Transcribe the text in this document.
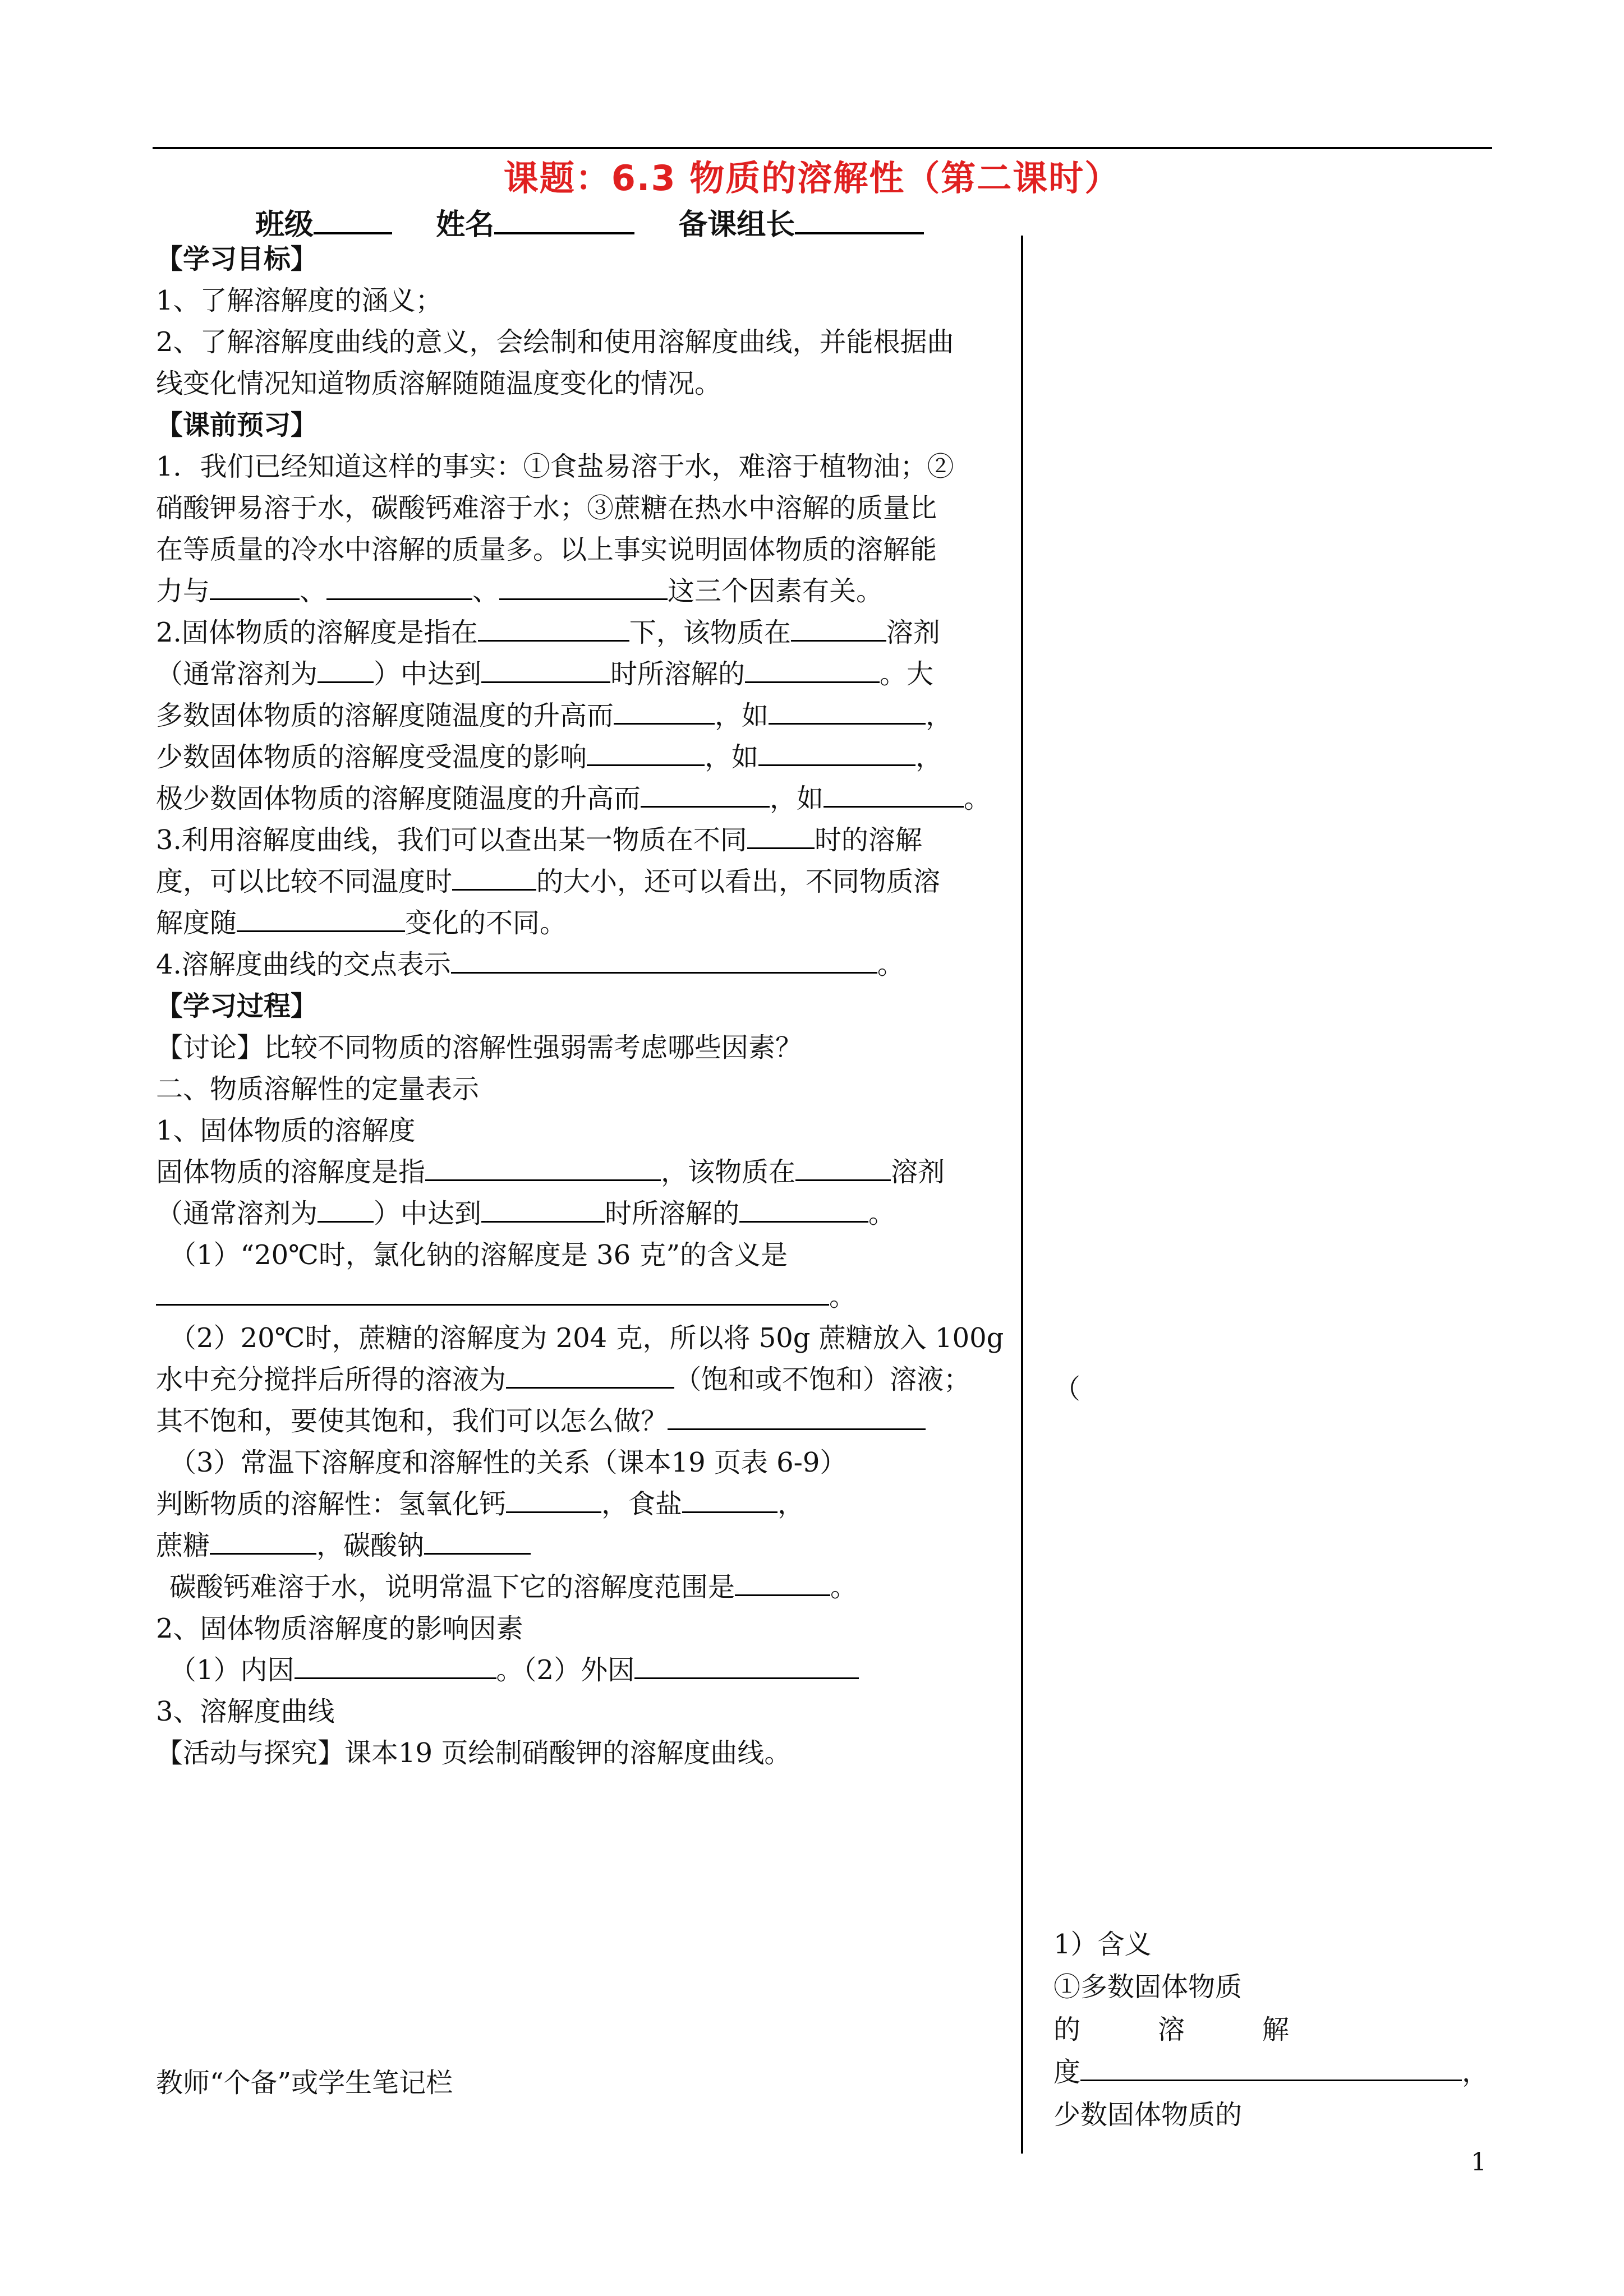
课题：6.3 物质的溶解性（第二课时）
班级	姓名	备课组长

【学习目标】

1、了解溶解度的涵义；

2、了解溶解度曲线的意义，会绘制和使用溶解度曲线，并能根据曲

线变化情况知道物质溶解随随温度变化的情况。

【课前预习】

1．我们已经知道这样的事实：①食盐易溶于水，难溶于植物油；②

硝酸钾易溶于水，碳酸钙难溶于水；③蔗糖在热水中溶解的质量比

在等质量的冷水中溶解的质量多。以上事实说明固体物质的溶解能

力与	、	、	这三个因素有关。

2.固体物质的溶解度是指在	下，该物质在	溶剂

（通常溶剂为 ）中达到	时所溶解的	。大

多数固体物质的溶解度随温度的升高而	，如	，

少数固体物质的溶解度受温度的影响	，如	，

极少数固体物质的溶解度随温度的升高而	，如	。

3.利用溶解度曲线，我们可以查出某一物质在不同	时的溶解

度，可以比较不同温度时	的大小，还可以看出，不同物质溶

解度随	变化的不同。

4.溶解度曲线的交点表示	。

【学习过程】

【讨论】比较不同物质的溶解性强弱需考虑哪些因素？

二、物质溶解性的定量表示

1、固体物质的溶解度

固体物质的溶解度是指	，该物质在	溶剂

（通常溶剂为 ）中达到	时所溶解的	。

（1）“20℃时，氯化钠的溶解度是 36 克”的含义是

。

（2）20℃时，蔗糖的溶解度为 204 克，所以将 50g 蔗糖放入 100g

水中充分搅拌后所得的溶液为	（饱和或不饱和）溶液；

其不饱和，要使其饱和，我们可以怎么做？

（3）常温下溶解度和溶解性的关系（课本19 页表 6-9）

判断物质的溶解性：氢氧化钙	，食盐	，

蔗糖	，碳酸钠

碳酸钙难溶于水，说明常温下它的溶解度范围是	。

2、固体物质溶解度的影响因素

（1）内因	。（2）外因

3、溶解度曲线

【活动与探究】课本19 页绘制硝酸钾的溶解度曲线。

教师“个备”或学生笔记栏
（
1）含义
①多数固体物质
的	溶	解
度	，
少数固体物质的
1
